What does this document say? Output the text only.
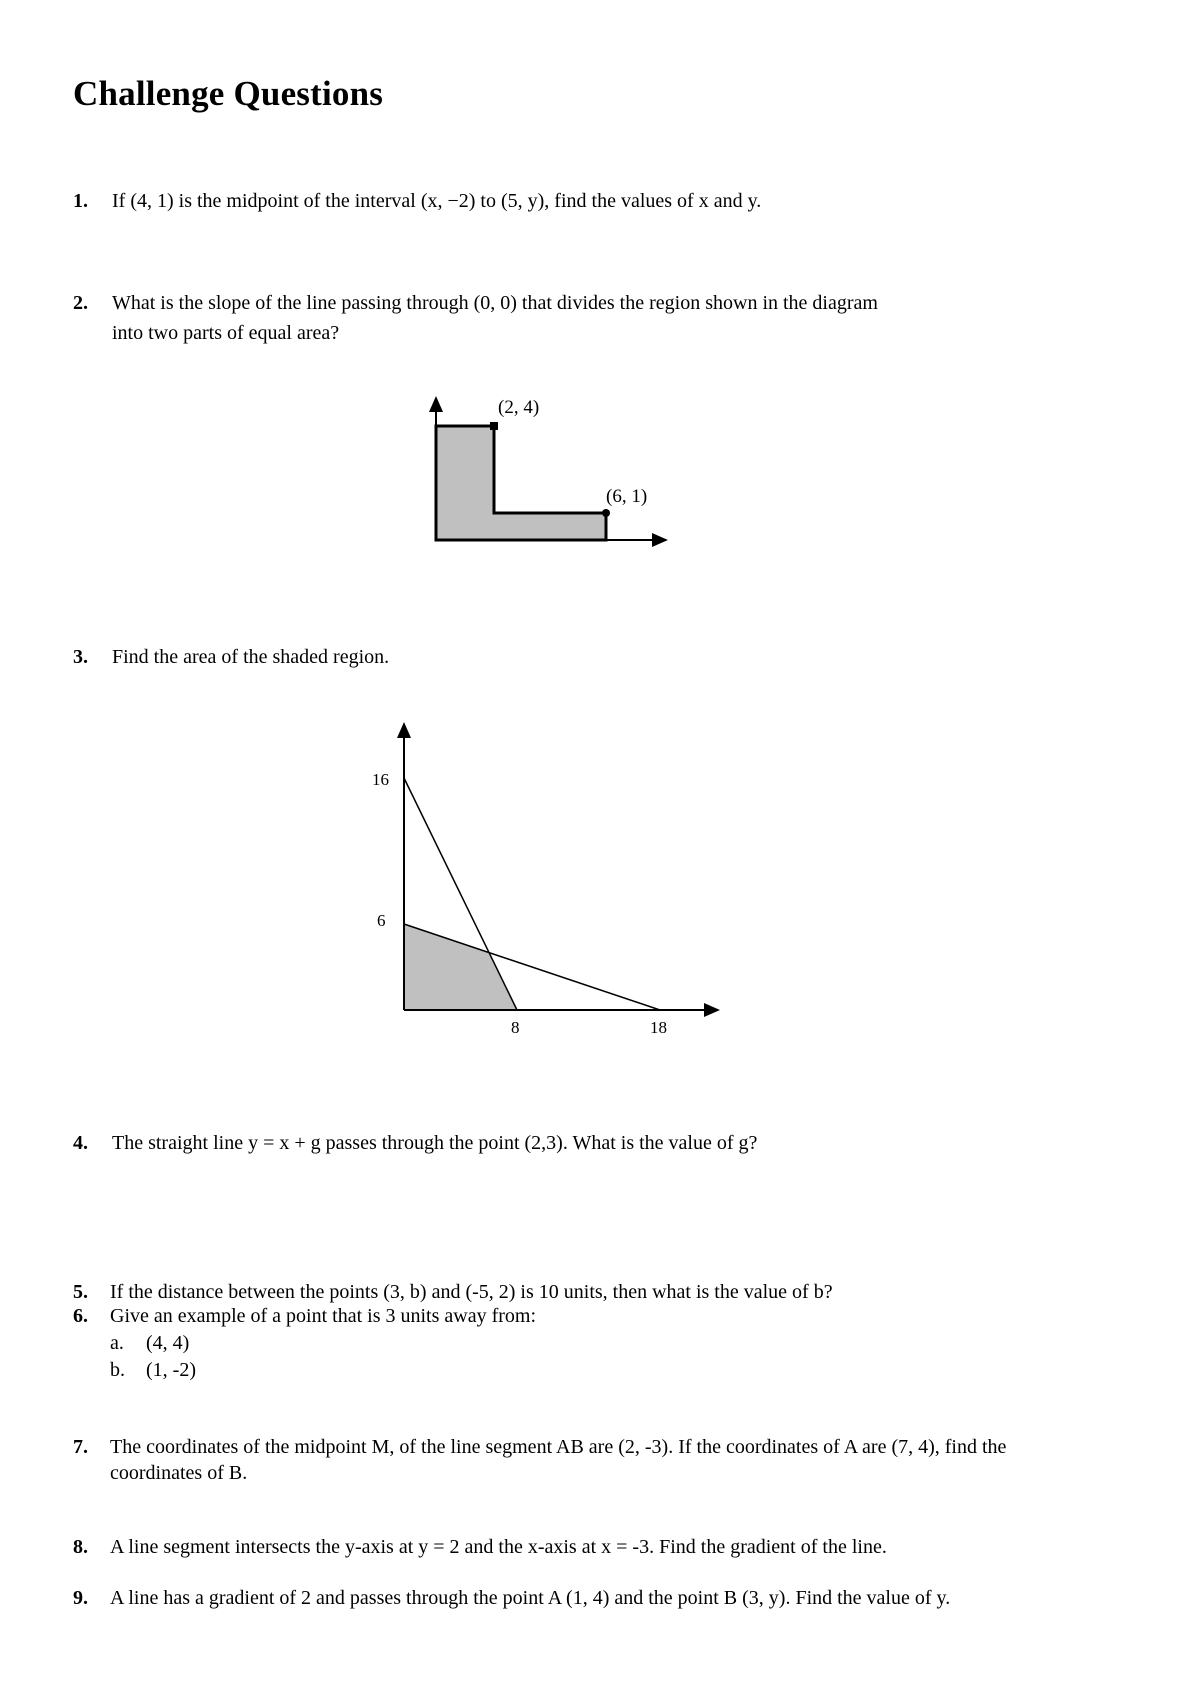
Challenge Questions
1. If (4, 1) is the midpoint of the interval (x, −2) to (5, y), find the values of x and y.
2. What is the slope of the line passing through (0, 0) that divides the region shown in the diagram
into two parts of equal area?
(2, 4)
(6, 1)
3. Find the area of the shaded region.
16
6
8	18
4. The straight line y = x + g passes through the point (2,3). What is the value of g?
5. If the distance between the points (3, b) and (-5, 2) is 10 units, then what is the value of b?
6. Give an example of a point that is 3 units away from:
a. (4, 4)
b. (1, -2)
7. The coordinates of the midpoint M, of the line segment AB are (2, -3). If the coordinates of A are (7, 4), find the
coordinates of B.
8. A line segment intersects the y-axis at y = 2 and the x-axis at x = -3. Find the gradient of the line.
9. A line has a gradient of 2 and passes through the point A (1, 4) and the point B (3, y). Find the value of y.
